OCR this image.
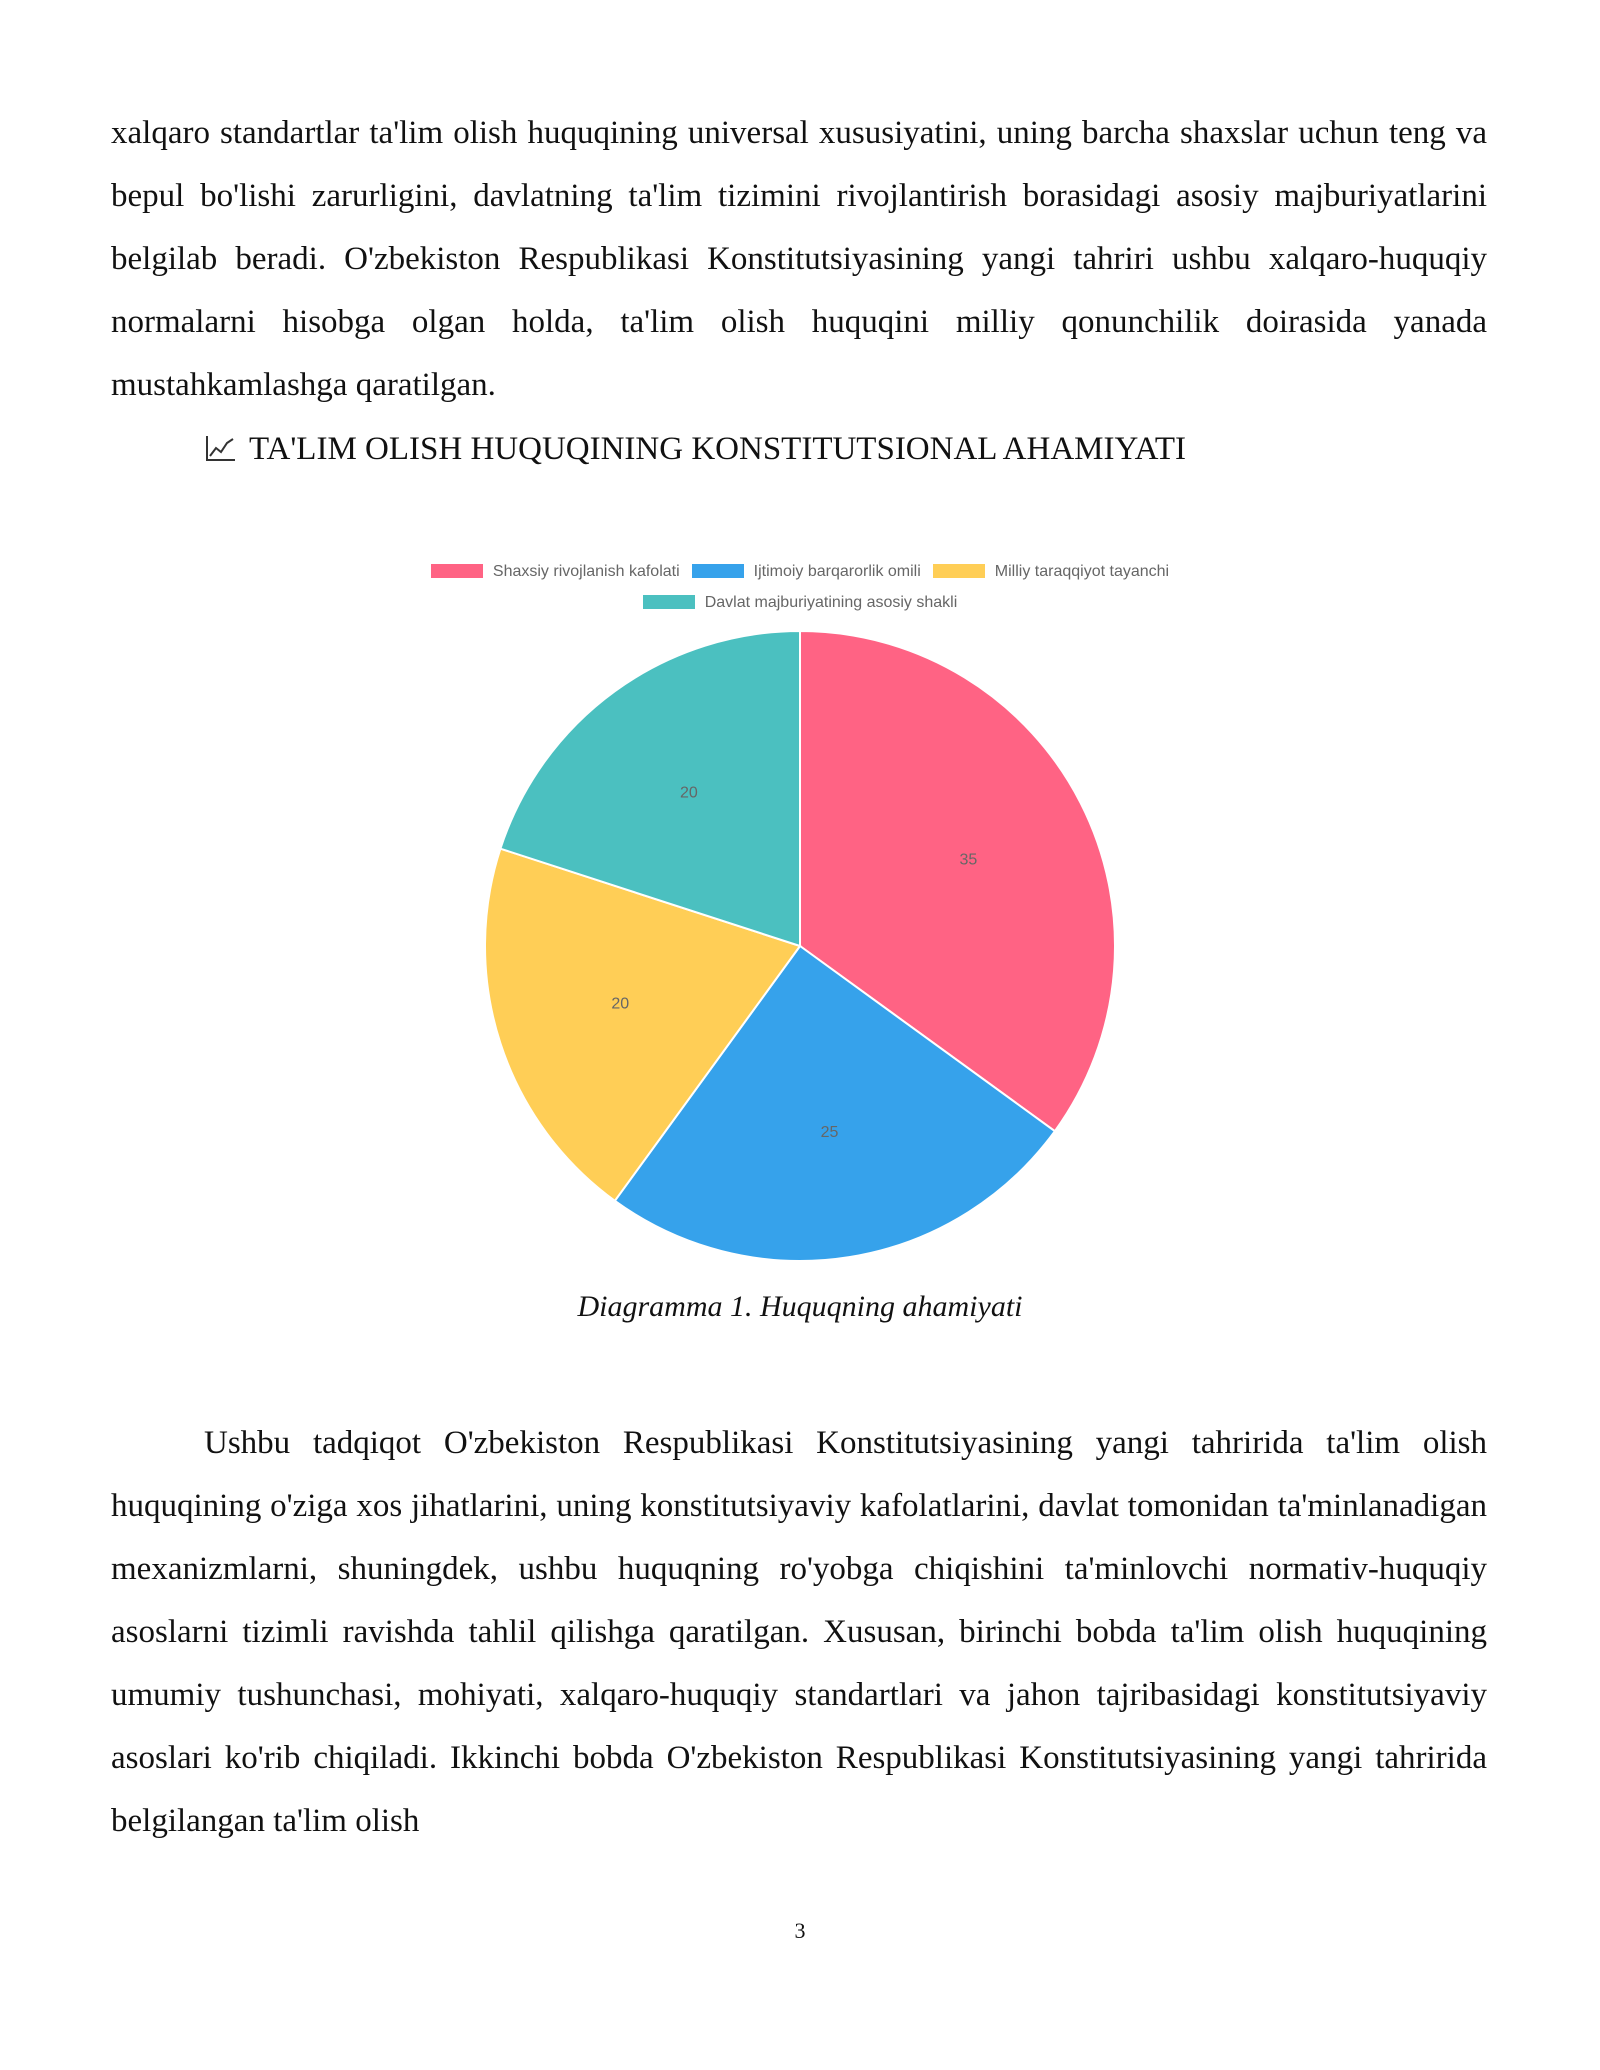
xalqaro standartlar ta'lim olish huquqining universal xususiyatini, uning barcha shaxslar uchun teng va bepul bo'lishi zarurligini, davlatning ta'lim tizimini rivojlantirish borasidagi asosiy majburiyatlarini belgilab beradi. O'zbekiston Respublikasi Konstitutsiyasining yangi tahriri ushbu xalqaro-huquqiy normalarni hisobga olgan holda, ta'lim olish huquqini milliy qonunchilik doirasida yanada mustahkamlashga qaratilgan.

TA'LIM OLISH HUQUQINING KONSTITUTSIONAL AHAMIYATI
Shaxsiy rivojlanish kafolati	Ijtimoiy barqarorlik omili	Milliy taraqqiyot tayanchi
Davlat majburiyatining asosiy shakli
35
25
20
20

Diagramma 1. Huquqning ahamiyati

Ushbu tadqiqot O'zbekiston Respublikasi Konstitutsiyasining yangi tahririda ta'lim olish huquqining o'ziga xos jihatlarini, uning konstitutsiyaviy kafolatlarini, davlat tomonidan ta'minlanadigan mexanizmlarni, shuningdek, ushbu huquqning ro'yobga chiqishini ta'minlovchi normativ-huquqiy asoslarni tizimli ravishda tahlil qilishga qaratilgan. Xususan, birinchi bobda ta'lim olish huquqining umumiy tushunchasi, mohiyati, xalqaro-huquqiy standartlari va jahon tajribasidagi konstitutsiyaviy asoslari ko'rib chiqiladi. Ikkinchi bobda O'zbekiston Respublikasi Konstitutsiyasining yangi tahririda belgilangan ta'lim olish

3
